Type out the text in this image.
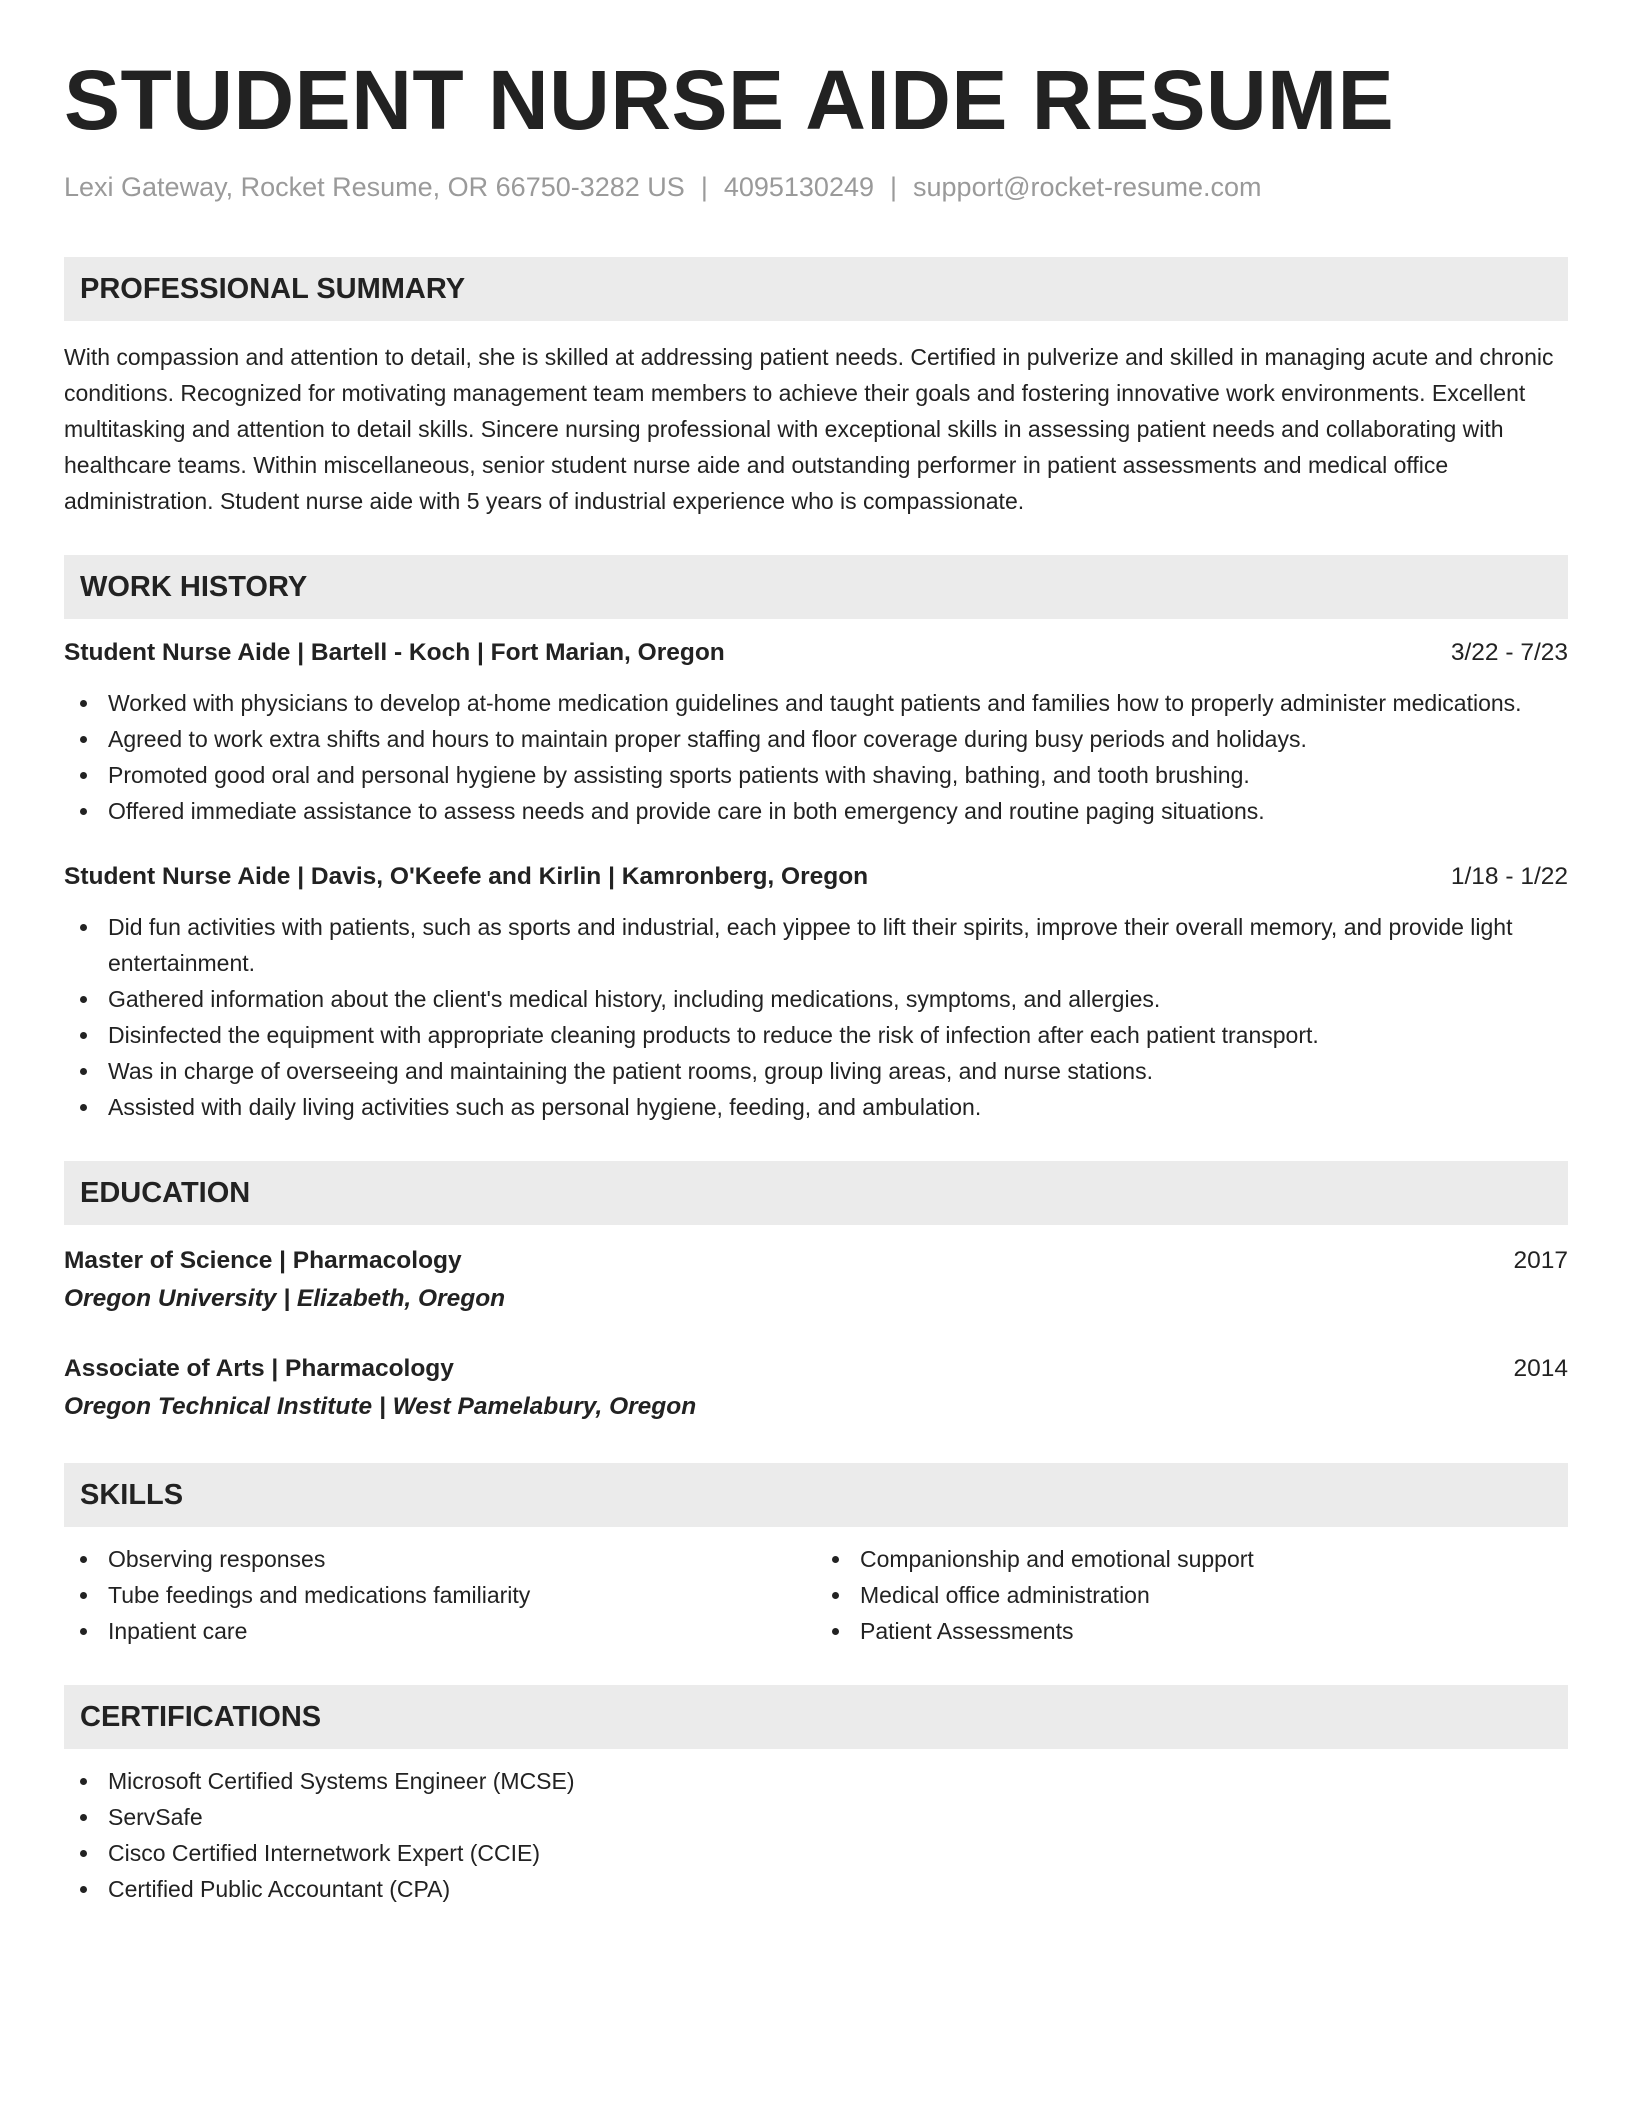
STUDENT NURSE AIDE RESUME
Lexi Gateway, Rocket Resume, OR 66750-3282 US | 4095130249 | support@rocket-resume.com
PROFESSIONAL SUMMARY
With compassion and attention to detail, she is skilled at addressing patient needs. Certified in pulverize and skilled in managing acute and chronic conditions. Recognized for motivating management team members to achieve their goals and fostering innovative work environments. Excellent multitasking and attention to detail skills. Sincere nursing professional with exceptional skills in assessing patient needs and collaborating with healthcare teams. Within miscellaneous, senior student nurse aide and outstanding performer in patient assessments and medical office administration. Student nurse aide with 5 years of industrial experience who is compassionate.
WORK HISTORY
Student Nurse Aide | Bartell - Koch | Fort Marian, Oregon	3/22 - 7/23
Worked with physicians to develop at-home medication guidelines and taught patients and families how to properly administer medications.
Agreed to work extra shifts and hours to maintain proper staffing and floor coverage during busy periods and holidays.
Promoted good oral and personal hygiene by assisting sports patients with shaving, bathing, and tooth brushing.
Offered immediate assistance to assess needs and provide care in both emergency and routine paging situations.
Student Nurse Aide | Davis, O'Keefe and Kirlin | Kamronberg, Oregon	1/18 - 1/22
Did fun activities with patients, such as sports and industrial, each yippee to lift their spirits, improve their overall memory, and provide light entertainment.
Gathered information about the client's medical history, including medications, symptoms, and allergies.
Disinfected the equipment with appropriate cleaning products to reduce the risk of infection after each patient transport.
Was in charge of overseeing and maintaining the patient rooms, group living areas, and nurse stations.
Assisted with daily living activities such as personal hygiene, feeding, and ambulation.
EDUCATION
Master of Science | Pharmacology	2017
Oregon University | Elizabeth, Oregon
Associate of Arts | Pharmacology	2014
Oregon Technical Institute | West Pamelabury, Oregon
SKILLS
Observing responses
Tube feedings and medications familiarity
Inpatient care
Companionship and emotional support
Medical office administration
Patient Assessments
CERTIFICATIONS
Microsoft Certified Systems Engineer (MCSE)
ServSafe
Cisco Certified Internetwork Expert (CCIE)
Certified Public Accountant (CPA)
